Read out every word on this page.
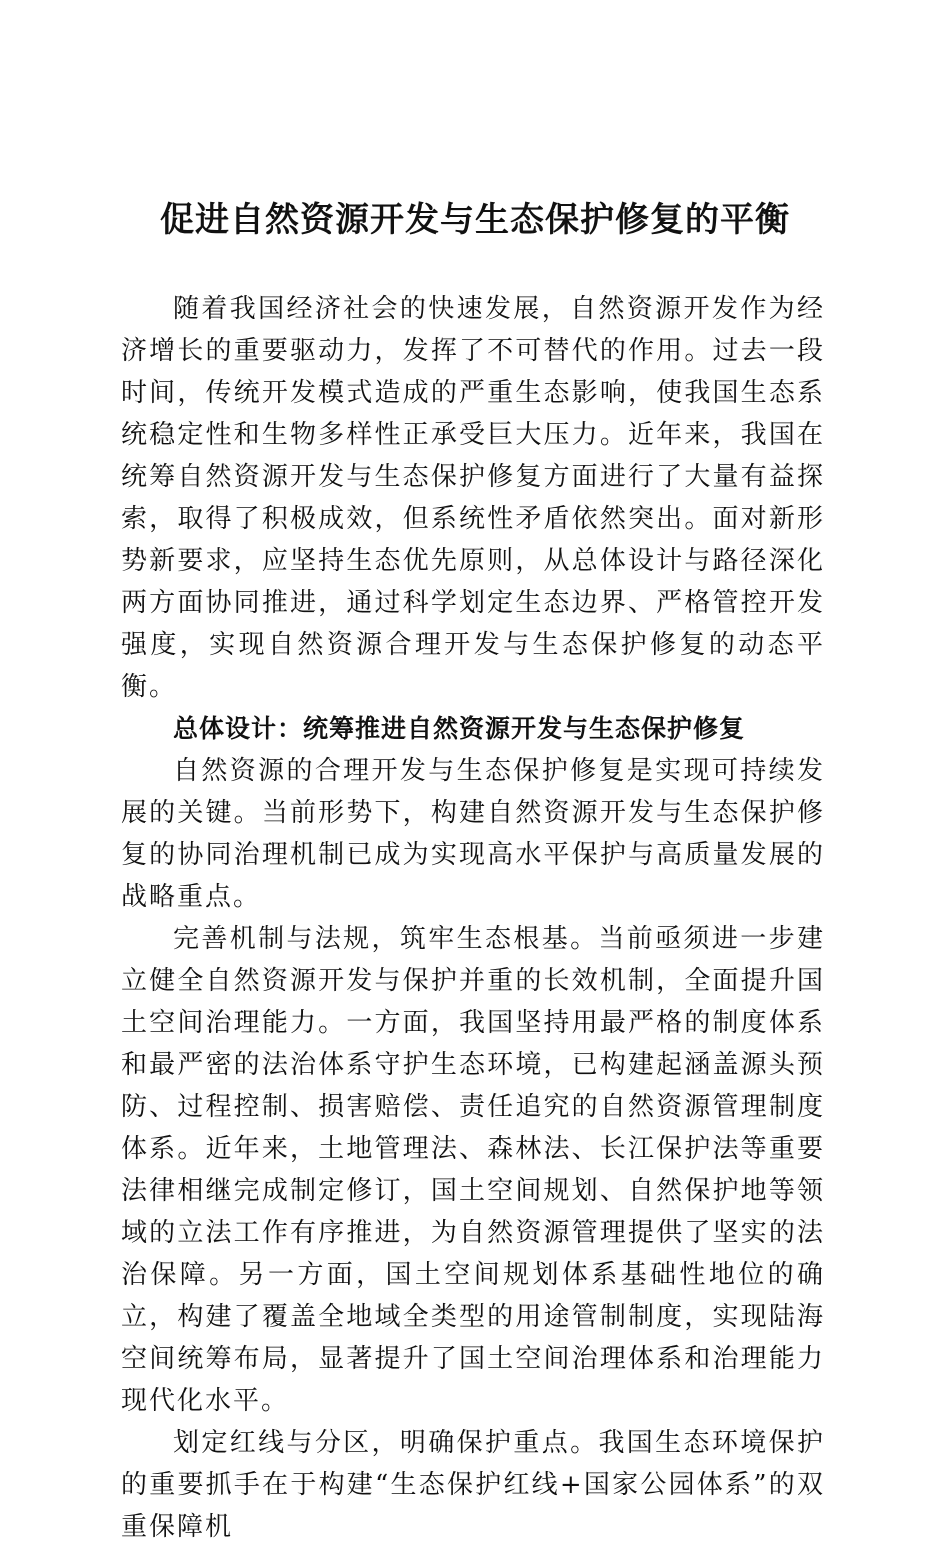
促进自然资源开发与生态保护修复的平衡

随着我国经济社会的快速发展，自然资源开发作为经济增长的重要驱动力，发挥了不可替代的作用。过去一段时间，传统开发模式造成的严重生态影响，使我国生态系统稳定性和生物多样性正承受巨大压力。近年来，我国在统筹自然资源开发与生态保护修复方面进行了大量有益探索，取得了积极成效，但系统性矛盾依然突出。面对新形势新要求，应坚持生态优先原则，从总体设计与路径深化两方面协同推进，通过科学划定生态边界、严格管控开发强度，实现自然资源合理开发与生态保护修复的动态平衡。

总体设计：统筹推进自然资源开发与生态保护修复

自然资源的合理开发与生态保护修复是实现可持续发展的关键。当前形势下，构建自然资源开发与生态保护修复的协同治理机制已成为实现高水平保护与高质量发展的战略重点。

完善机制与法规，筑牢生态根基。当前亟须进一步建立健全自然资源开发与保护并重的长效机制，全面提升国土空间治理能力。一方面，我国坚持用最严格的制度体系和最严密的法治体系守护生态环境，已构建起涵盖源头预防、过程控制、损害赔偿、责任追究的自然资源管理制度体系。近年来，土地管理法、森林法、长江保护法等重要法律相继完成制定修订，国土空间规划、自然保护地等领域的立法工作有序推进，为自然资源管理提供了坚实的法治保障。另一方面，国土空间规划体系基础性地位的确立，构建了覆盖全地域全类型的用途管制制度，实现陆海空间统筹布局，显著提升了国土空间治理体系和治理能力现代化水平。

划定红线与分区，明确保护重点。我国生态环境保护的重要抓手在于构建“生态保护红线+国家公园体系”的双重保障机
